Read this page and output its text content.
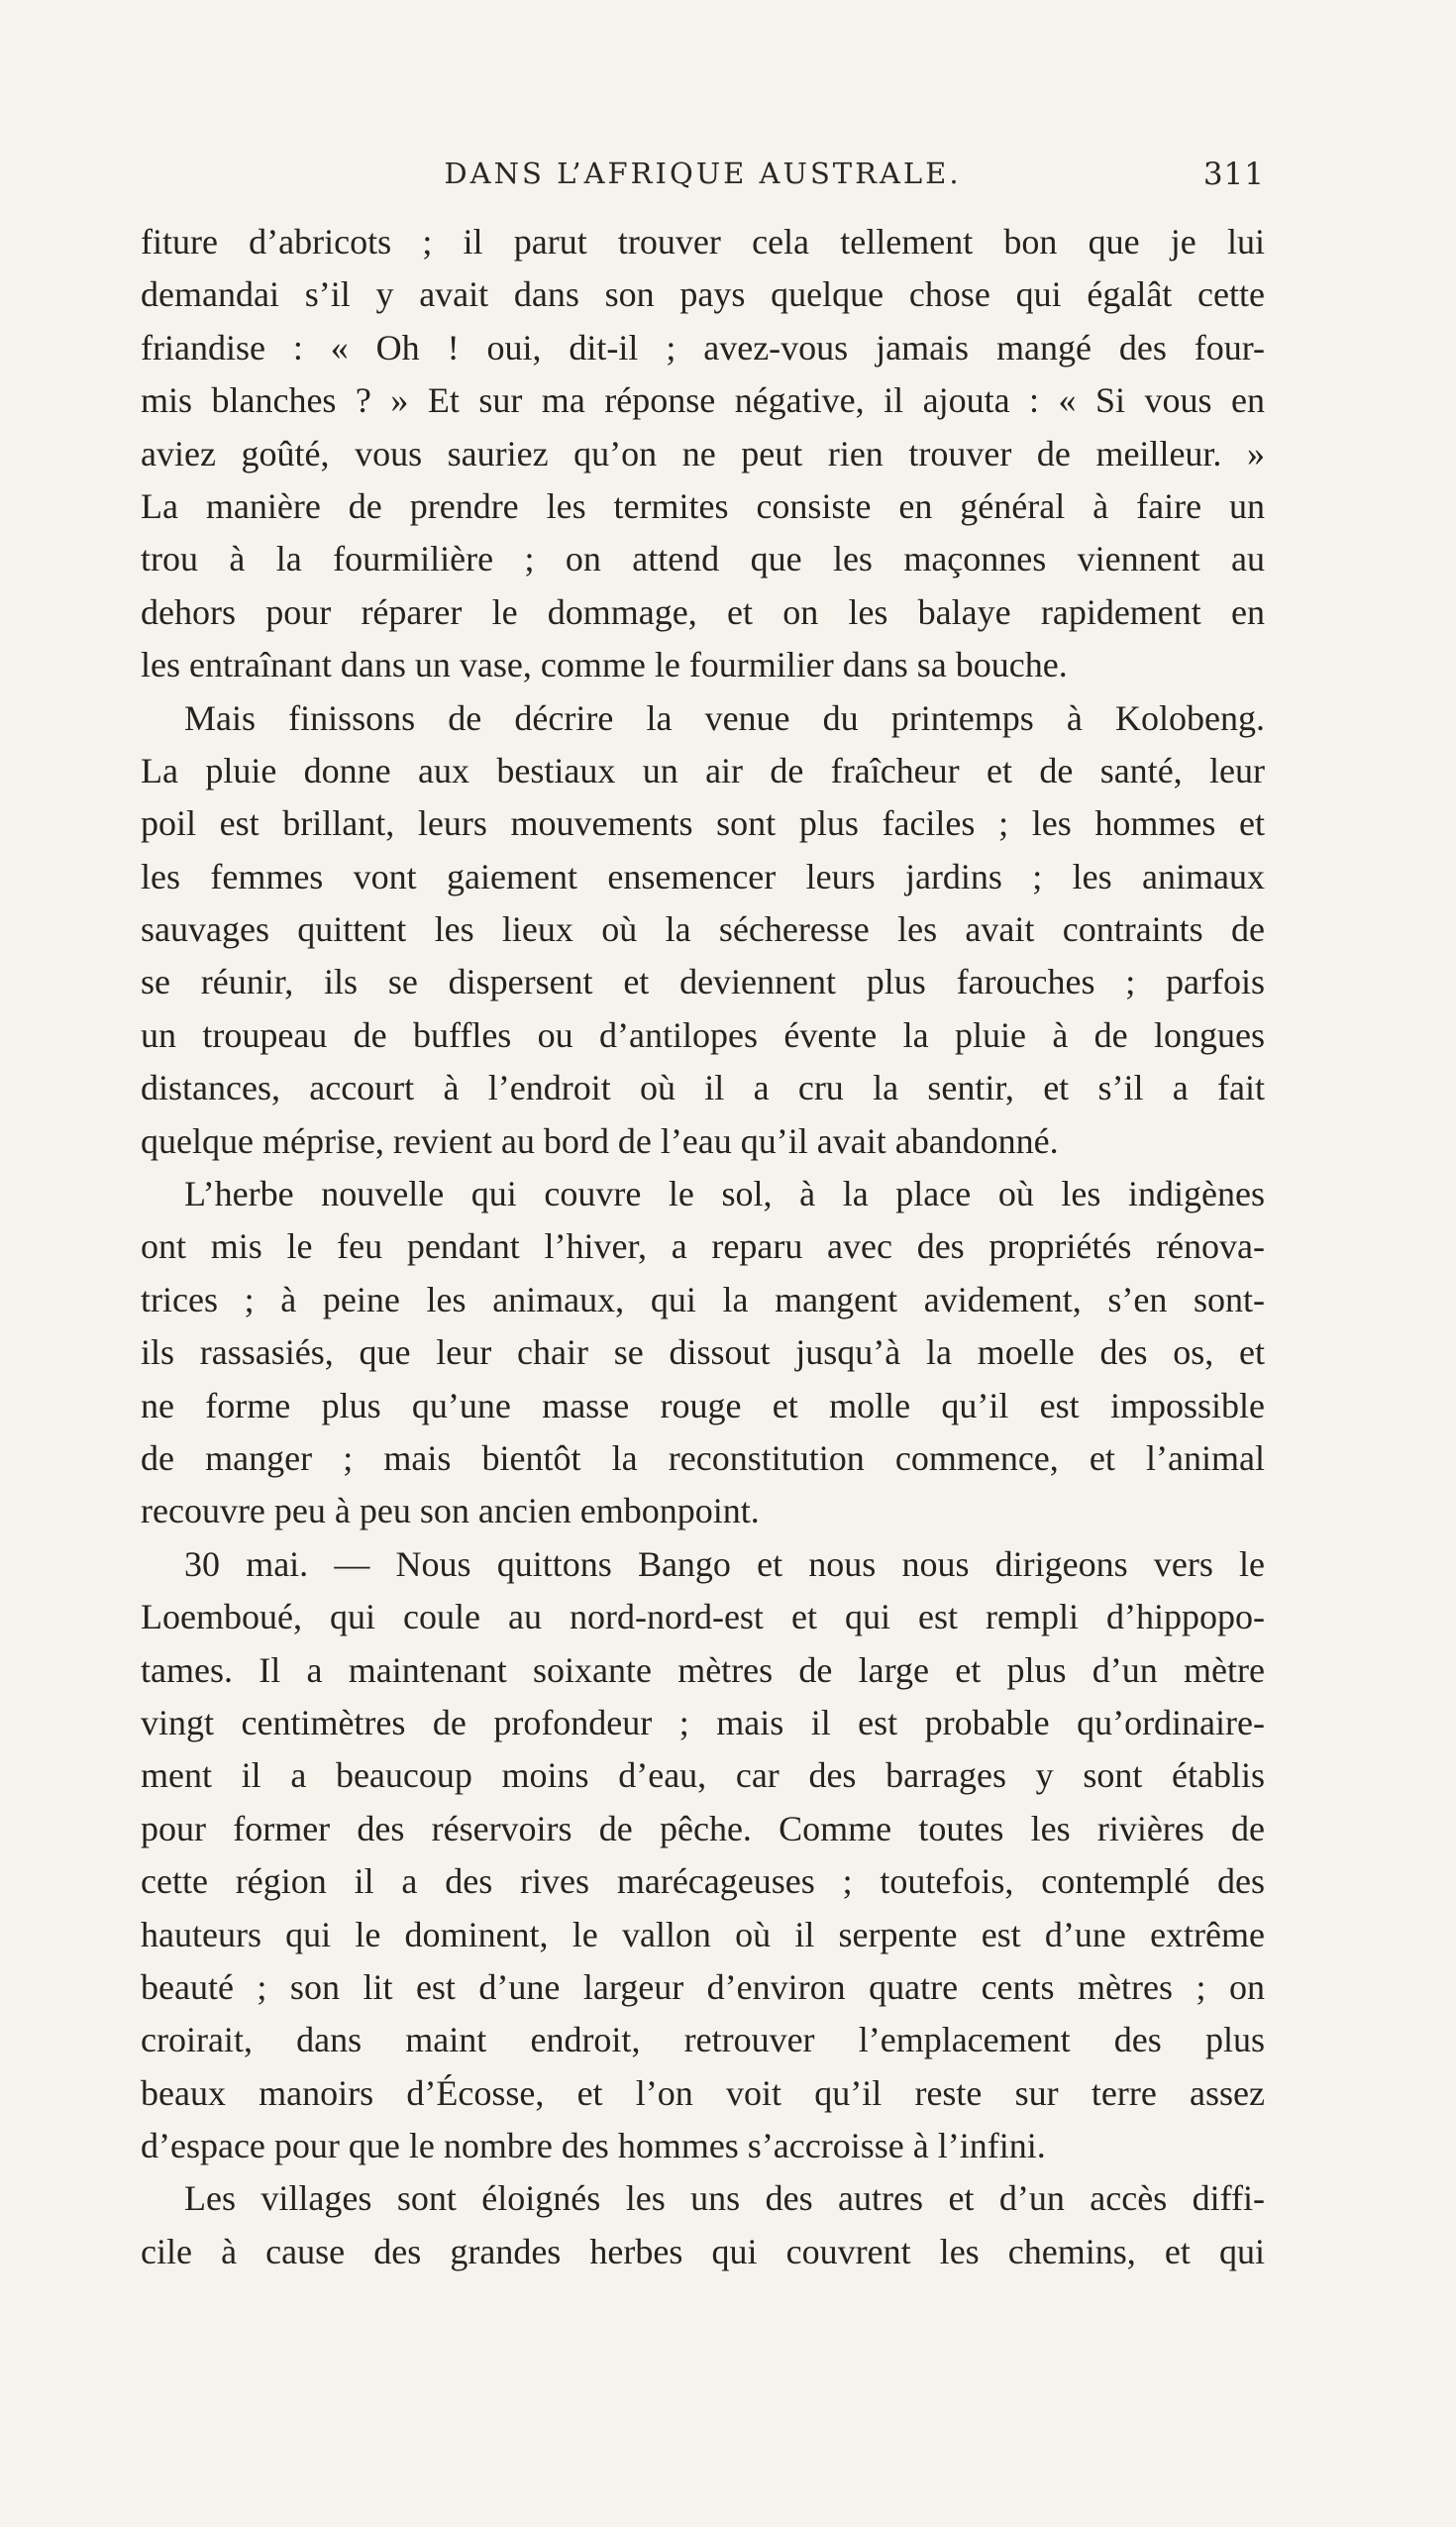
DANS L’AFRIQUE AUSTRALE.	311
fiture d’abricots ; il parut trouver cela tellement bon que je lui
demandai s’il y avait dans son pays quelque chose qui égalât cette
friandise : « Oh ! oui, dit-il ; avez-vous jamais mangé des four-
mis blanches ? » Et sur ma réponse négative, il ajouta : « Si vous en
aviez goûté, vous sauriez qu’on ne peut rien trouver de meilleur. »
La manière de prendre les termites consiste en général à faire un
trou à la fourmilière ; on attend que les maçonnes viennent au
dehors pour réparer le dommage, et on les balaye rapidement en
les entraînant dans un vase, comme le fourmilier dans sa bouche.
Mais finissons de décrire la venue du printemps à Kolobeng.
La pluie donne aux bestiaux un air de fraîcheur et de santé, leur
poil est brillant, leurs mouvements sont plus faciles ; les hommes et
les femmes vont gaiement ensemencer leurs jardins ; les animaux
sauvages quittent les lieux où la sécheresse les avait contraints de
se réunir, ils se dispersent et deviennent plus farouches ; parfois
un troupeau de buffles ou d’antilopes évente la pluie à de longues
distances, accourt à l’endroit où il a cru la sentir, et s’il a fait
quelque méprise, revient au bord de l’eau qu’il avait abandonné.
L’herbe nouvelle qui couvre le sol, à la place où les indigènes
ont mis le feu pendant l’hiver, a reparu avec des propriétés rénova-
trices ; à peine les animaux, qui la mangent avidement, s’en sont-
ils rassasiés, que leur chair se dissout jusqu’à la moelle des os, et
ne forme plus qu’une masse rouge et molle qu’il est impossible
de manger ; mais bientôt la reconstitution commence, et l’animal
recouvre peu à peu son ancien embonpoint.
30 mai. — Nous quittons Bango et nous nous dirigeons vers le
Loemboué, qui coule au nord-nord-est et qui est rempli d’hippopo-
tames. Il a maintenant soixante mètres de large et plus d’un mètre
vingt centimètres de profondeur ; mais il est probable qu’ordinaire-
ment il a beaucoup moins d’eau, car des barrages y sont établis
pour former des réservoirs de pêche. Comme toutes les rivières de
cette région il a des rives marécageuses ; toutefois, contemplé des
hauteurs qui le dominent, le vallon où il serpente est d’une extrême
beauté ; son lit est d’une largeur d’environ quatre cents mètres ; on
croirait, dans maint endroit, retrouver l’emplacement des plus
beaux manoirs d’Écosse, et l’on voit qu’il reste sur terre assez
d’espace pour que le nombre des hommes s’accroisse à l’infini.
Les villages sont éloignés les uns des autres et d’un accès diffi-
cile à cause des grandes herbes qui couvrent les chemins, et qui
